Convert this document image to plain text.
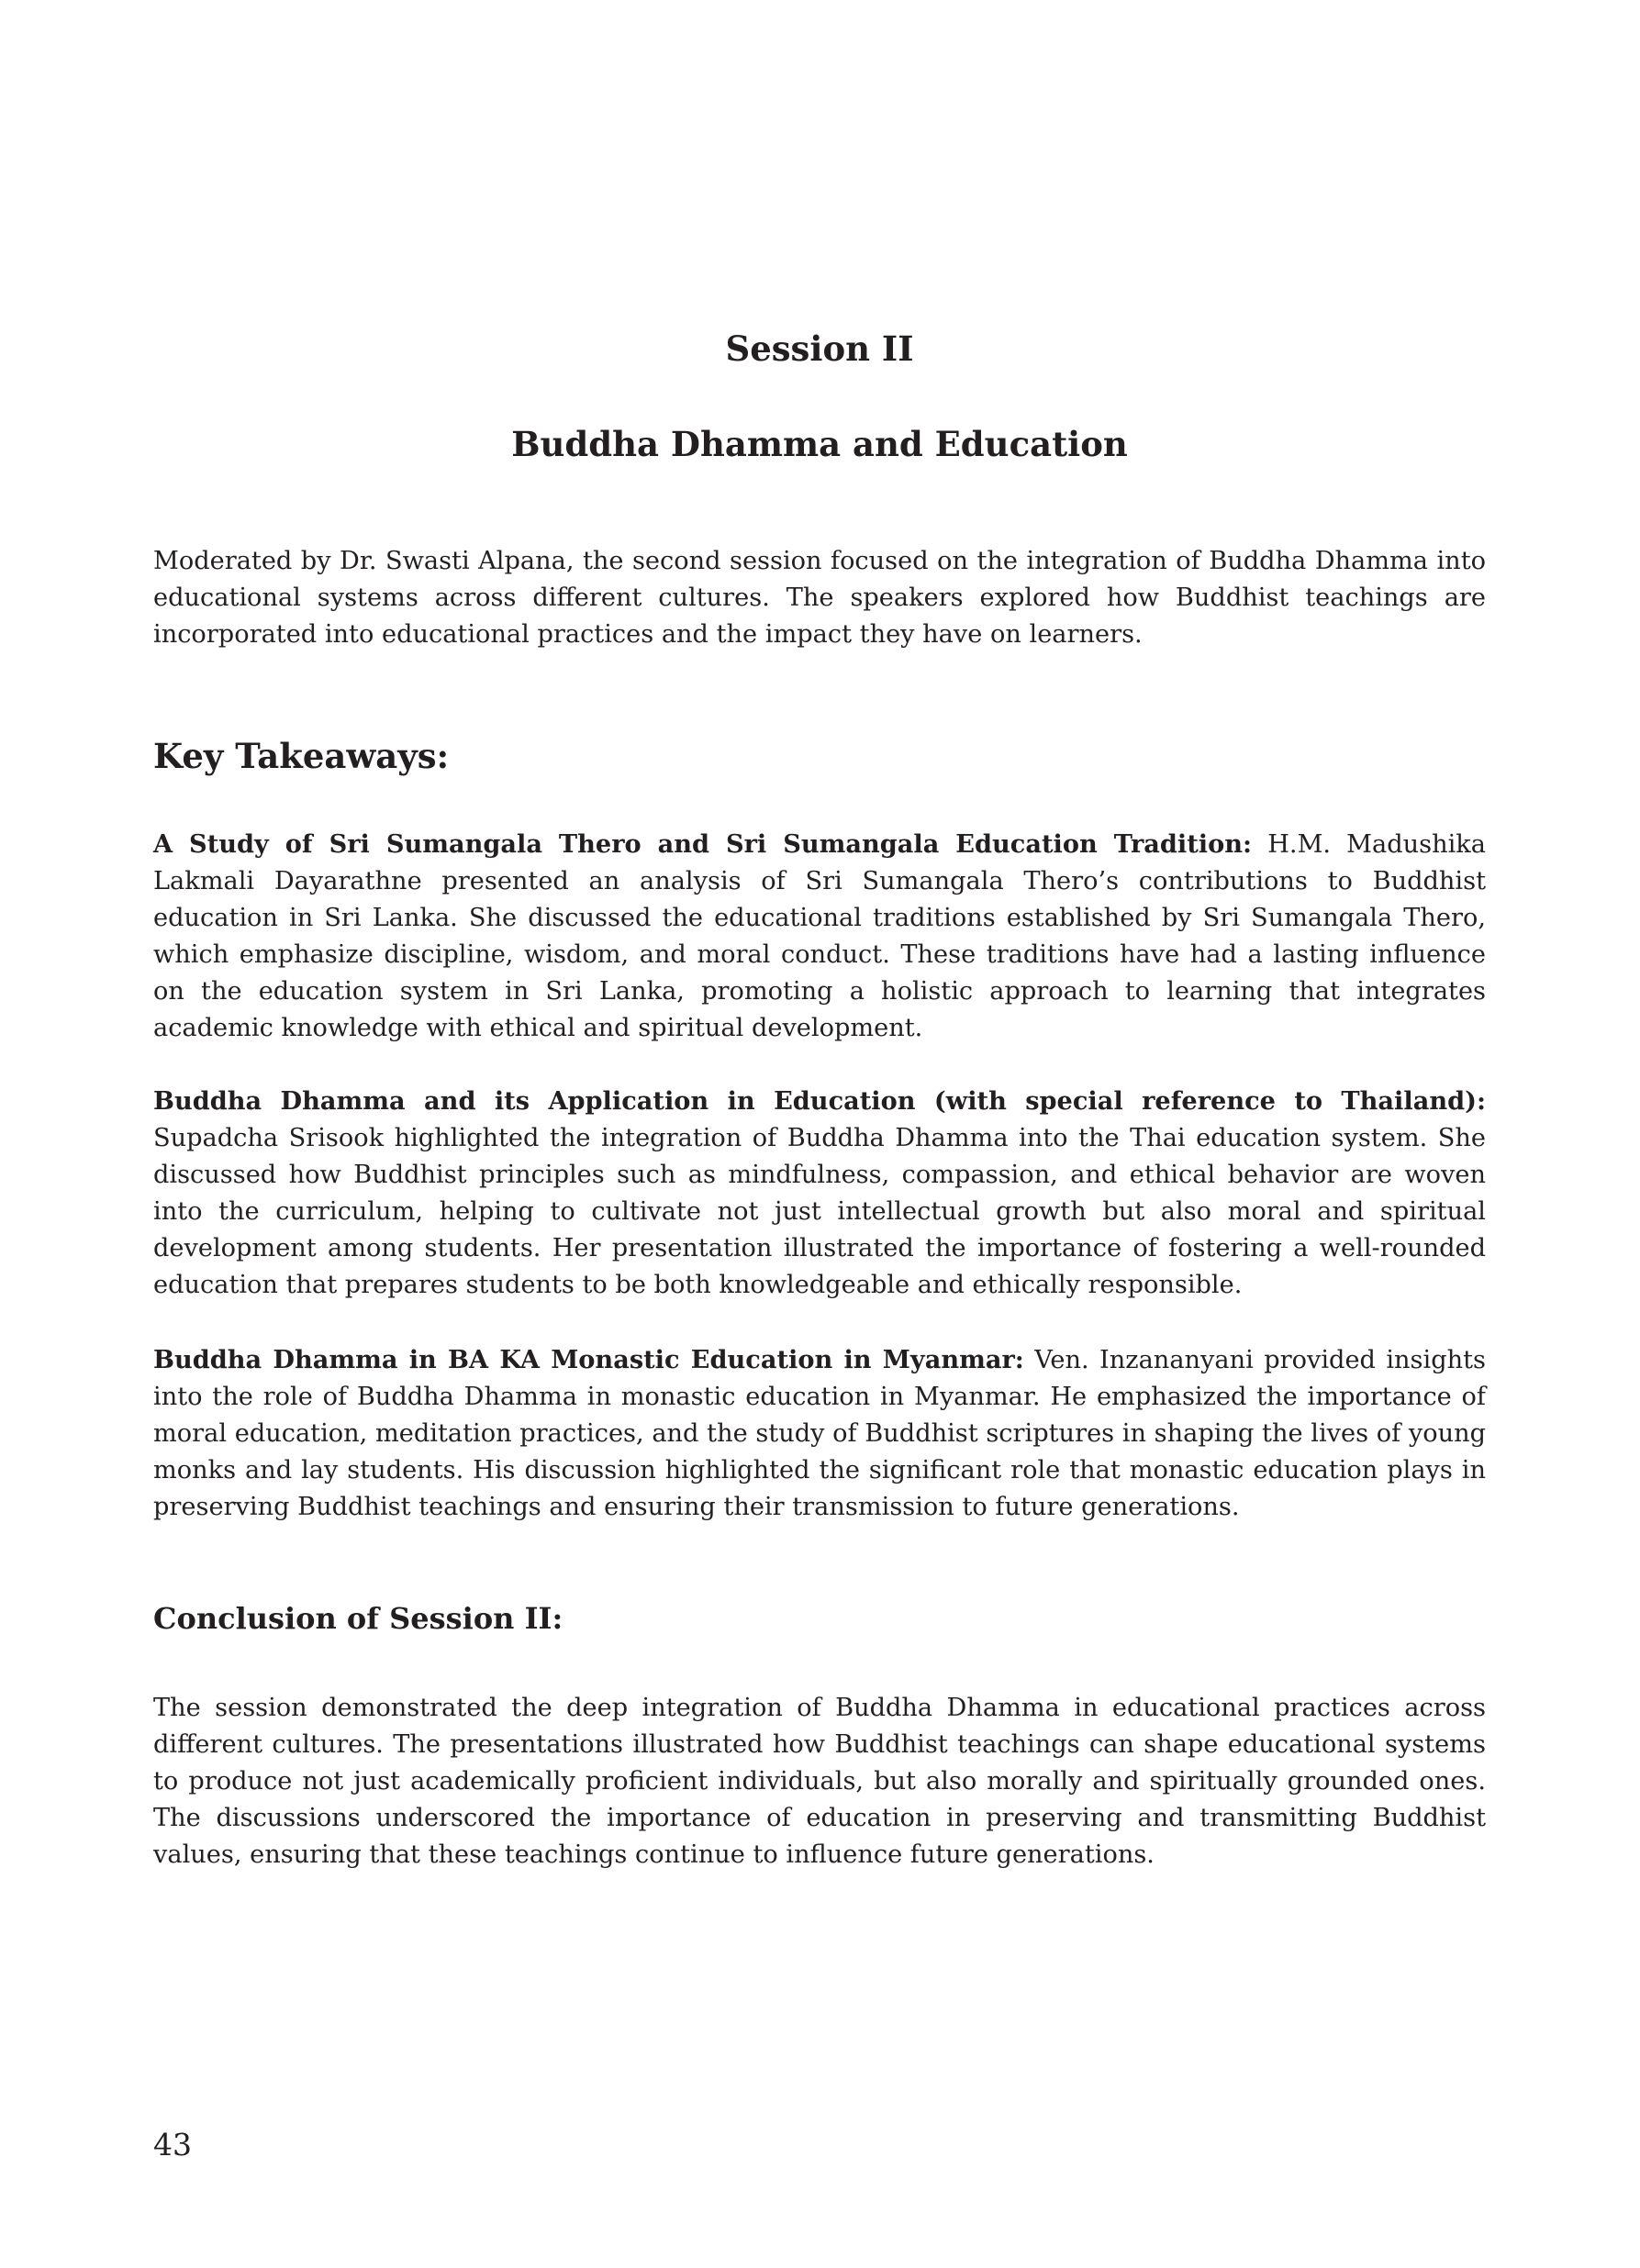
Session II
Buddha Dhamma and Education

Moderated by Dr. Swasti Alpana, the second session focused on the integration of Buddha Dhamma into educational systems across different cultures. The speakers explored how Buddhist teachings are incorporated into educational practices and the impact they have on learners.

Key Takeaways:

A Study of Sri Sumangala Thero and Sri Sumangala Education Tradition: H.M. Madushika Lakmali Dayarathne presented an analysis of Sri Sumangala Thero’s contributions to Buddhist education in Sri Lanka. She discussed the educational traditions established by Sri Sumangala Thero, which emphasize discipline, wisdom, and moral conduct. These traditions have had a lasting influence on the education system in Sri Lanka, promoting a holistic approach to learning that integrates academic knowledge with ethical and spiritual development.

Buddha Dhamma and its Application in Education (with special reference to Thailand): Supadcha Srisook highlighted the integration of Buddha Dhamma into the Thai education system. She discussed how Buddhist principles such as mindfulness, compassion, and ethical behavior are woven into the curriculum, helping to cultivate not just intellectual growth but also moral and spiritual development among students. Her presentation illustrated the importance of fostering a well-rounded education that prepares students to be both knowledgeable and ethically responsible.

Buddha Dhamma in BA KA Monastic Education in Myanmar: Ven. Inzananyani provided insights into the role of Buddha Dhamma in monastic education in Myanmar. He emphasized the importance of moral education, meditation practices, and the study of Buddhist scriptures in shaping the lives of young monks and lay students. His discussion highlighted the significant role that monastic education plays in preserving Buddhist teachings and ensuring their transmission to future generations.

Conclusion of Session II:

The session demonstrated the deep integration of Buddha Dhamma in educational practices across different cultures. The presentations illustrated how Buddhist teachings can shape educational systems to produce not just academically proficient individuals, but also morally and spiritually grounded ones. The discussions underscored the importance of education in preserving and transmitting Buddhist values, ensuring that these teachings continue to influence future generations.

43
